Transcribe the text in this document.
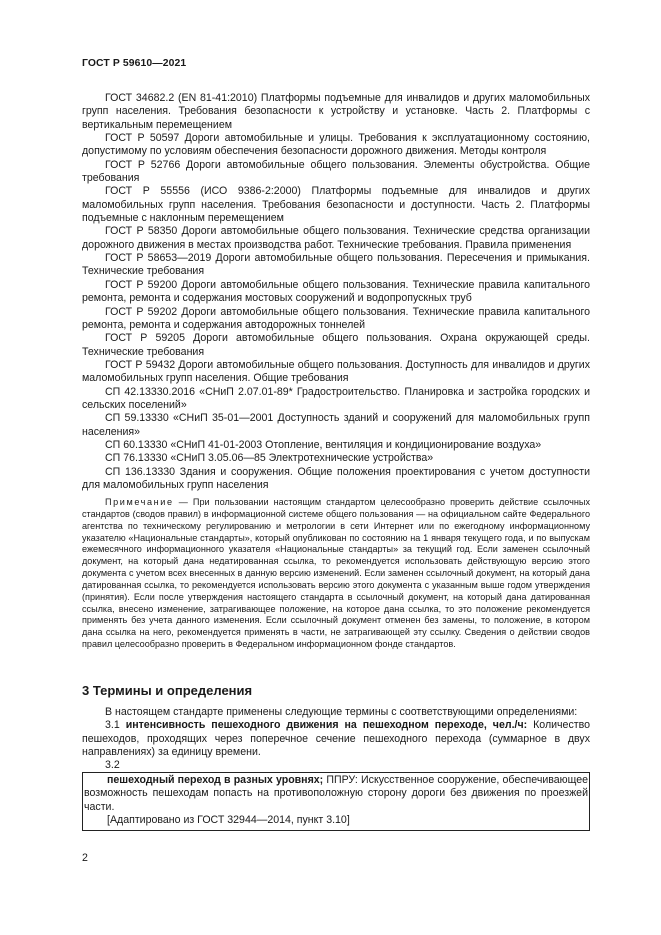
ГОСТ Р 59610—2021

ГОСТ 34682.2 (EN 81-41:2010) Платформы подъемные для инвалидов и других маломобильных групп населения. Требования безопасности к устройству и установке. Часть 2. Платформы с вертикальным перемещением

ГОСТ Р 50597 Дороги автомобильные и улицы. Требования к эксплуатационному состоянию, допустимому по условиям обеспечения безопасности дорожного движения. Методы контроля

ГОСТ Р 52766 Дороги автомобильные общего пользования. Элементы обустройства. Общие требования

ГОСТ Р 55556 (ИСО 9386-2:2000) Платформы подъемные для инвалидов и других маломобильных групп населения. Требования безопасности и доступности. Часть 2. Платформы подъемные с наклонным перемещением

ГОСТ Р 58350 Дороги автомобильные общего пользования. Технические средства организации дорожного движения в местах производства работ. Технические требования. Правила применения

ГОСТ Р 58653—2019 Дороги автомобильные общего пользования. Пересечения и примыкания. Технические требования

ГОСТ Р 59200 Дороги автомобильные общего пользования. Технические правила капитального ремонта, ремонта и содержания мостовых сооружений и водопропускных труб

ГОСТ Р 59202 Дороги автомобильные общего пользования. Технические правила капитального ремонта, ремонта и содержания автодорожных тоннелей

ГОСТ Р 59205 Дороги автомобильные общего пользования. Охрана окружающей среды. Технические требования

ГОСТ Р 59432 Дороги автомобильные общего пользования. Доступность для инвалидов и других маломобильных групп населения. Общие требования

СП 42.13330.2016 «СНиП 2.07.01-89* Градостроительство. Планировка и застройка городских и сельских поселений»

СП 59.13330 «СНиП 35-01—2001 Доступность зданий и сооружений для маломобильных групп населения»

СП 60.13330 «СНиП 41-01-2003 Отопление, вентиляция и кондиционирование воздуха»

СП 76.13330 «СНиП 3.05.06—85 Электротехнические устройства»

СП 136.13330 Здания и сооружения. Общие положения проектирования с учетом доступности для маломобильных групп населения

Примечание — При пользовании настоящим стандартом целесообразно проверить действие ссылочных стандартов (сводов правил) в информационной системе общего пользования — на официальном сайте Федерального агентства по техническому регулированию и метрологии в сети Интернет или по ежегодному информационному указателю «Национальные стандарты», который опубликован по состоянию на 1 января текущего года, и по выпускам ежемесячного информационного указателя «Национальные стандарты» за текущий год. Если заменен ссылочный документ, на который дана недатированная ссылка, то рекомендуется использовать действующую версию этого документа с учетом всех внесенных в данную версию изменений. Если заменен ссылочный документ, на который дана датированная ссылка, то рекомендуется использовать версию этого документа с указанным выше годом утверждения (принятия). Если после утверждения настоящего стандарта в ссылочный документ, на который дана датированная ссылка, внесено изменение, затрагивающее положение, на которое дана ссылка, то это положение рекомендуется применять без учета данного изменения. Если ссылочный документ отменен без замены, то положение, в котором дана ссылка на него, рекомендуется применять в части, не затрагивающей эту ссылку. Сведения о действии сводов правил целесообразно проверить в Федеральном информационном фонде стандартов.

3 Термины и определения

В настоящем стандарте применены следующие термины с соответствующими определениями:

3.1 интенсивность пешеходного движения на пешеходном переходе, чел./ч: Количество пешеходов, проходящих через поперечное сечение пешеходного перехода (суммарное в двух направлениях) за единицу времени.

3.2

пешеходный переход в разных уровнях; ППРУ: Искусственное сооружение, обеспечивающее возможность пешеходам попасть на противоположную сторону дороги без движения по проезжей части.

[Адаптировано из ГОСТ 32944—2014, пункт 3.10]

2
